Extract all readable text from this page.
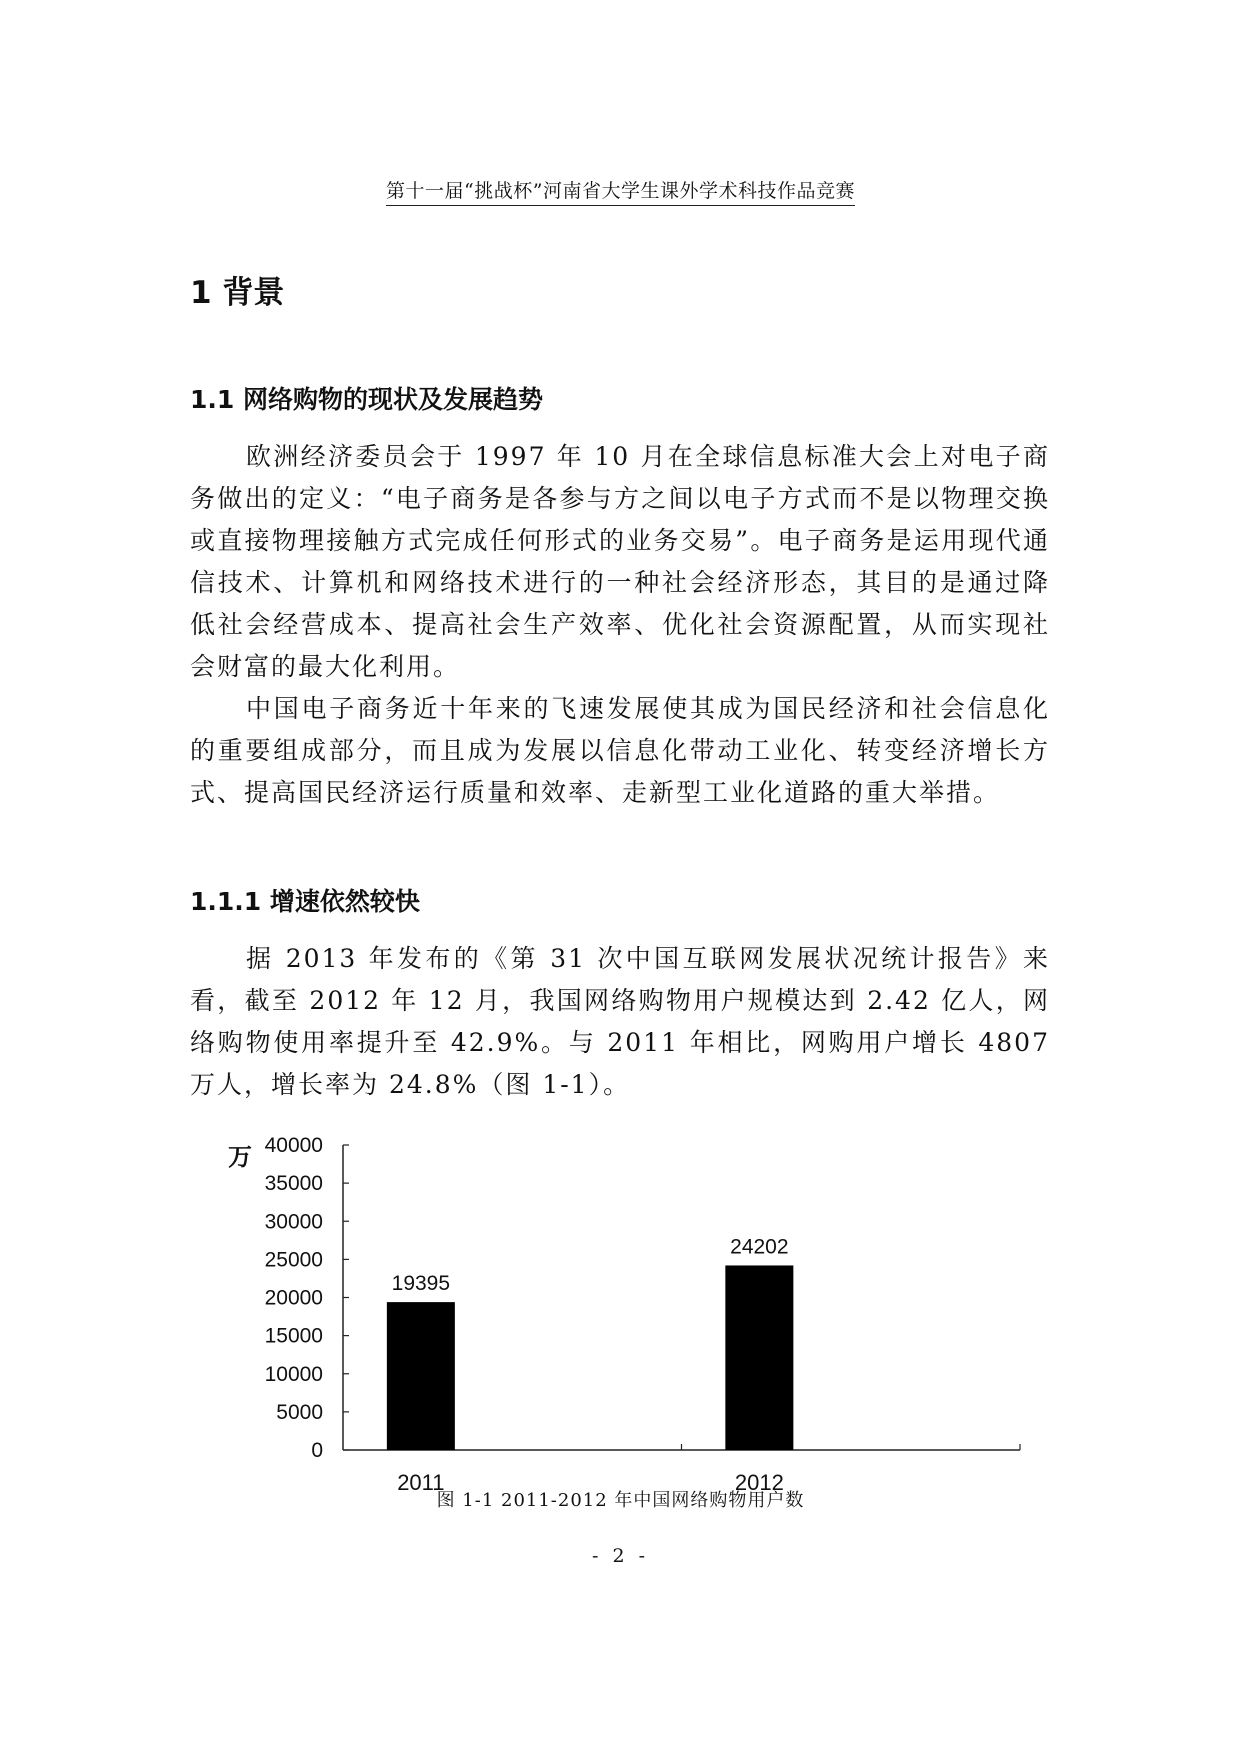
第十一届“挑战杯”河南省大学生课外学术科技作品竞赛
1 背景
1.1 网络购物的现状及发展趋势

欧洲经济委员会于 1997 年 10 月在全球信息标准大会上对电子商务做出的定义：“电子商务是各参与方之间以电子方式而不是以物理交换或直接物理接触方式完成任何形式的业务交易”。电子商务是运用现代通信技术、计算机和网络技术进行的一种社会经济形态，其目的是通过降低社会经营成本、提高社会生产效率、优化社会资源配置，从而实现社会财富的最大化利用。

中国电子商务近十年来的飞速发展使其成为国民经济和社会信息化的重要组成部分，而且成为发展以信息化带动工业化、转变经济增长方式、提高国民经济运行质量和效率、走新型工业化道路的重大举措。

1.1.1 增速依然较快

据 2013 年发布的《第 31 次中国互联网发展状况统计报告》来看，截至 2012 年 12 月，我国网络购物用户规模达到 2.42 亿人，网络购物使用率提升至 42.9%。与 2011 年相比，网购用户增长 4807 万人，增长率为 24.8%（图 1-1）。

0
5000
10000
15000
20000
25000
30000
35000
40000
万
19395
2011
24202
2012

图 1-1 2011-2012 年中国网络购物用户数

- 2 -
